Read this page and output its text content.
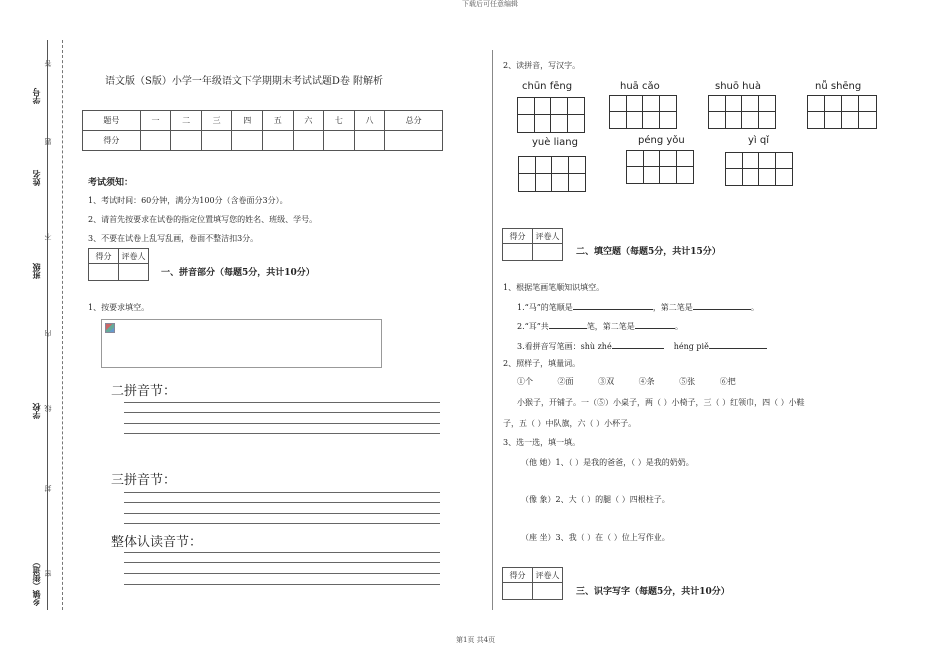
下载后可任意编辑
第1页 共4页
学号
姓名
班级
学校
乡镇（街道）
答
题
不
内
线
封
密
语文版（S版）小学一年级语文下学期期末考试试题D卷 附解析
题号	一	二	三	四	五	六	七	八	总分
得分									
考试须知：
1、考试时间：60分钟，满分为100分（含卷面分3分）。
2、请首先按要求在试卷的指定位置填写您的姓名、班级、学号。
3、不要在试卷上乱写乱画，卷面不整洁扣3分。
得分	评卷人

一、拼音部分（每题5分，共计10分）
1、按要求填空。
二拼音节：
三拼音节：
整体认读音节：
2、读拼音，写汉字。
chūn fēng	huā cǎo	shuō huà	nǚ shēng
yuè liang	péng yǒu	yì qǐ
得分	评卷人

二、填空题（每题5分，共计15分）
1、根据笔画笔顺知识填空。
1.“马”的笔顺是	，第二笔是	。
2.“耳”共	笔，第二笔是	。
3.看拼音写笔画：shù zhé	héng piě
2、照样子，填量词。
①个	②面	③双	④条	⑤张	⑥把
小猴子，开铺子。一（⑤）小桌子，两（ ）小椅子，三（ ）红领巾，四（ ）小鞋
子，五（ ）中队旗，六（ ）小杯子。
3、选一选，填一填。
（他 她）1、（ ）是我的爸爸，（ ）是我的奶奶。
（像 象）2、大（ ）的腿（ ）四根柱子。
（座 坐）3、我（ ）在（ ）位上写作业。
得分	评卷人

三、识字写字（每题5分，共计10分）
